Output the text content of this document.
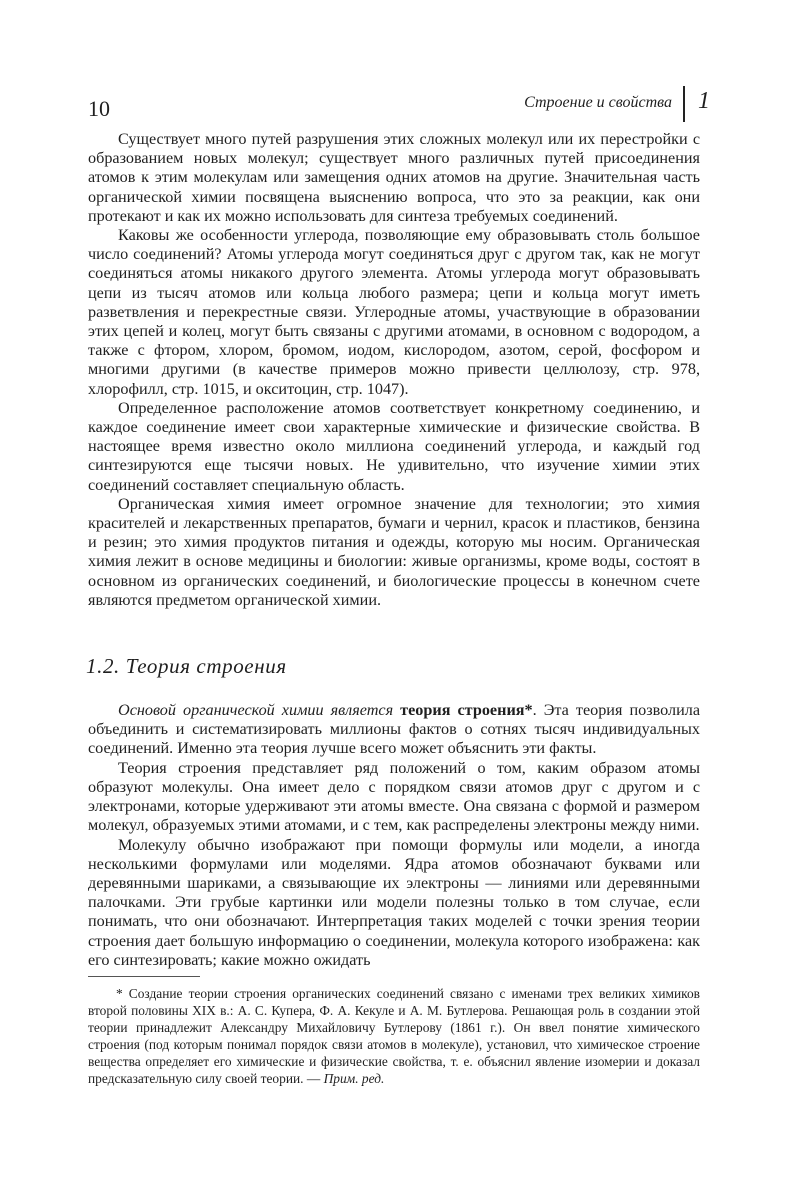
10	Строение и свойства 1

Существует много путей разрушения этих сложных молекул или их перестройки с образованием новых молекул; существует много различных путей присоединения атомов к этим молекулам или замещения одних атомов на другие. Значительная часть органической химии посвящена выяснению вопроса, что это за реакции, как они протекают и как их можно использовать для синтеза требуемых соединений.

Каковы же особенности углерода, позволяющие ему образовывать столь большое число соединений? Атомы углерода могут соединяться друг с другом так, как не могут соединяться атомы никакого другого элемента. Атомы углерода могут образовывать цепи из тысяч атомов или кольца любого размера; цепи и кольца могут иметь разветвления и перекрестные связи. Углеродные атомы, участвующие в образовании этих цепей и колец, могут быть связаны с другими атомами, в основном с водородом, а также с фтором, хлором, бромом, иодом, кислородом, азотом, серой, фосфором и многими другими (в качестве примеров можно привести целлюлозу, стр. 978, хлорофилл, стр. 1015, и окситоцин, стр. 1047).

Определенное расположение атомов соответствует конкретному соединению, и каждое соединение имеет свои характерные химические и физические свойства. В настоящее время известно около миллиона соединений углерода, и каждый год синтезируются еще тысячи новых. Не удивительно, что изучение химии этих соединений составляет специальную область.

Органическая химия имеет огромное значение для технологии; это химия красителей и лекарственных препаратов, бумаги и чернил, красок и пластиков, бензина и резин; это химия продуктов питания и одежды, которую мы носим. Органическая химия лежит в основе медицины и биологии: живые организмы, кроме воды, состоят в основном из органических соединений, и биологические процессы в конечном счете являются предметом органической химии.

1.2. Теория строения

Основой органической химии является теория строения*. Эта теория позволила объединить и систематизировать миллионы фактов о сотнях тысяч индивидуальных соединений. Именно эта теория лучше всего может объяснить эти факты.

Теория строения представляет ряд положений о том, каким образом атомы образуют молекулы. Она имеет дело с порядком связи атомов друг с другом и с электронами, которые удерживают эти атомы вместе. Она связана с формой и размером молекул, образуемых этими атомами, и с тем, как распределены электроны между ними.

Молекулу обычно изображают при помощи формулы или модели, а иногда несколькими формулами или моделями. Ядра атомов обозначают буквами или деревянными шариками, а связывающие их электроны — линиями или деревянными палочками. Эти грубые картинки или модели полезны только в том случае, если понимать, что они обозначают. Интерпретация таких моделей с точки зрения теории строения дает большую информацию о соединении, молекула которого изображена: как его синтезировать; какие можно ожидать

* Создание теории строения органических соединений связано с именами трех великих химиков второй половины XIX в.: А. С. Купера, Ф. А. Кекуле и А. М. Бутлерова. Решающая роль в создании этой теории принадлежит Александру Михайловичу Бутлерову (1861 г.). Он ввел понятие химического строения (под которым понимал порядок связи атомов в молекуле), установил, что химическое строение вещества определяет его химические и физические свойства, т. е. объяснил явление изомерии и доказал предсказательную силу своей теории. — Прим. ред.
